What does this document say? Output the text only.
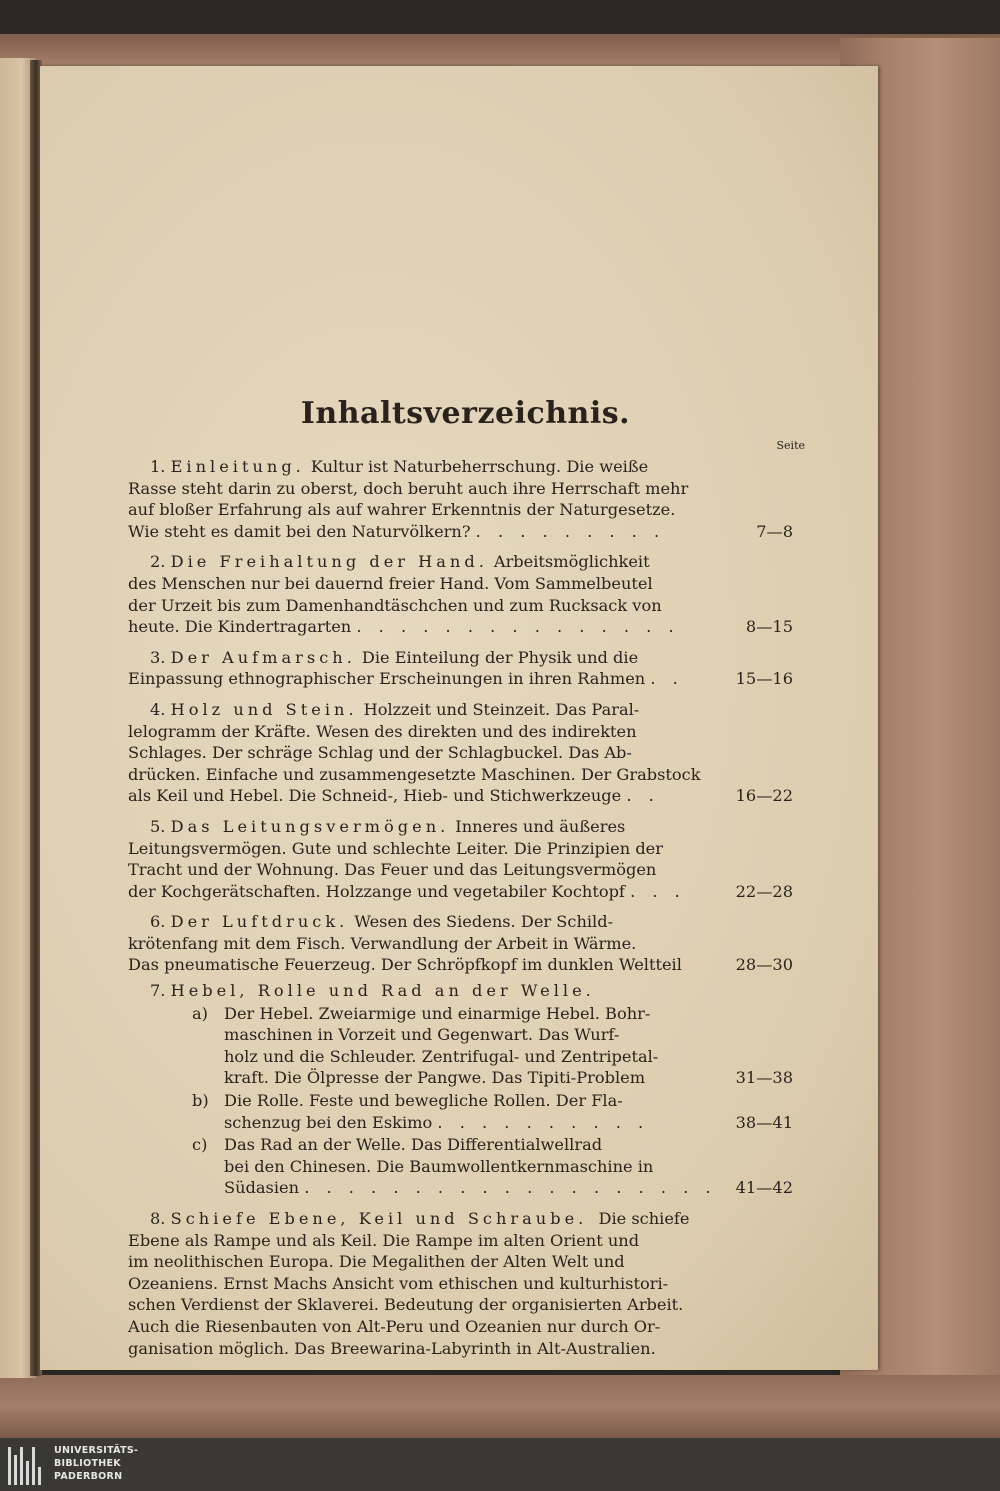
Inhaltsverzeichnis.
Seite
1. Einleitung. Kultur ist Naturbeherrschung. Die weiße
Rasse steht darin zu oberst, doch beruht auch ihre Herrschaft mehr
auf bloßer Erfahrung als auf wahrer Erkenntnis der Naturgesetze.
Wie steht es damit bei den Naturvölkern? . . . . . . . . .	7—8
2. Die Freihaltung der Hand. Arbeitsmöglichkeit
des Menschen nur bei dauernd freier Hand. Vom Sammelbeutel
der Urzeit bis zum Damenhandtäschchen und zum Rucksack von
heute. Die Kindertragarten . . . . . . . . . . . . . . .	8—15
3. Der Aufmarsch. Die Einteilung der Physik und die
Einpassung ethnographischer Erscheinungen in ihren Rahmen . .	15—16
4. Holz und Stein. Holzzeit und Steinzeit. Das Paral-
lelogramm der Kräfte. Wesen des direkten und des indirekten
Schlages. Der schräge Schlag und der Schlagbuckel. Das Ab-
drücken. Einfache und zusammengesetzte Maschinen. Der Grabstock
als Keil und Hebel. Die Schneid-, Hieb- und Stichwerkzeuge . .	16—22
5. Das Leitungsvermögen. Inneres und äußeres
Leitungsvermögen. Gute und schlechte Leiter. Die Prinzipien der
Tracht und der Wohnung. Das Feuer und das Leitungsvermögen
der Kochgerätschaften. Holzzange und vegetabiler Kochtopf . . .	22—28
6. Der Luftdruck. Wesen des Siedens. Der Schild-
krötenfang mit dem Fisch. Verwandlung der Arbeit in Wärme.
Das pneumatische Feuerzeug. Der Schröpfkopf im dunklen Weltteil	28—30
7. Hebel, Rolle und Rad an der Welle.
a) Der Hebel. Zweiarmige und einarmige Hebel. Bohr-
maschinen in Vorzeit und Gegenwart. Das Wurf-
holz und die Schleuder. Zentrifugal- und Zentripetal-
kraft. Die Ölpresse der Pangwe. Das Tipiti-Problem	31—38
b) Die Rolle. Feste und bewegliche Rollen. Der Fla-
schenzug bei den Eskimo . . . . . . . . . .	38—41
c) Das Rad an der Welle. Das Differentialwellrad
bei den Chinesen. Die Baumwollentkernmaschine in
Südasien . . . . . . . . . . . . . . . . . . .	41—42
8. Schiefe Ebene, Keil und Schraube. Die schiefe
Ebene als Rampe und als Keil. Die Rampe im alten Orient und
im neolithischen Europa. Die Megalithen der Alten Welt und
Ozeaniens. Ernst Machs Ansicht vom ethischen und kulturhistori-
schen Verdienst der Sklaverei. Bedeutung der organisierten Arbeit.
Auch die Riesenbauten von Alt-Peru und Ozeanien nur durch Or-
ganisation möglich. Das Breewarina-Labyrinth in Alt-Australien.
UNIVERSITÄTS-
BIBLIOTHEK
PADERBORN
